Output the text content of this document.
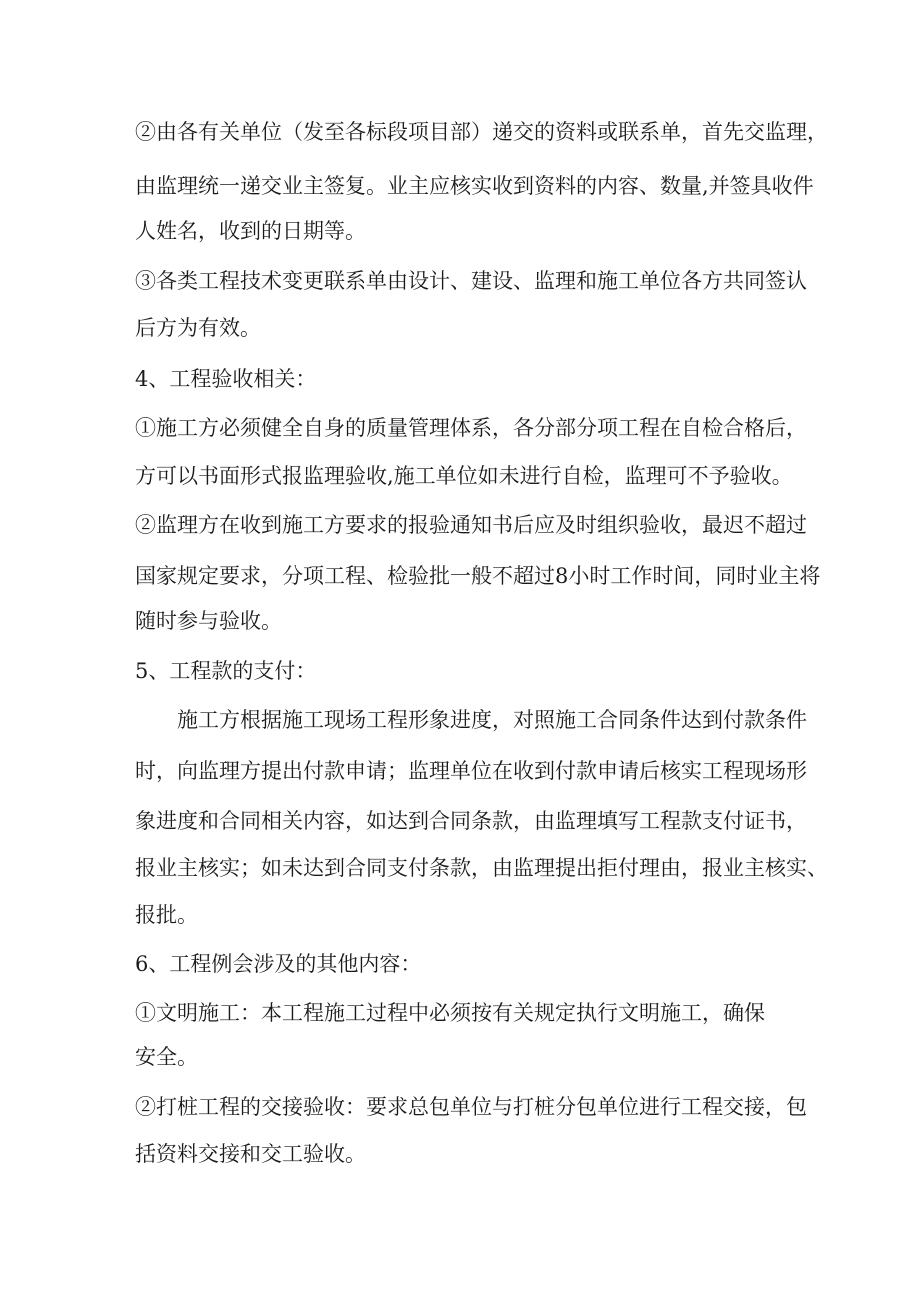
②由各有关单位（发至各标段项目部）递交的资料或联系单，首先交监理，

由监理统一递交业主签复。业主应核实收到资料的内容、数量,并签具收件

人姓名，收到的日期等。

③各类工程技术变更联系单由设计、建设、监理和施工单位各方共同签认

后方为有效。

4、工程验收相关：

①施工方必须健全自身的质量管理体系，各分部分项工程在自检合格后，

方可以书面形式报监理验收,施工单位如未进行自检，监理可不予验收。

②监理方在收到施工方要求的报验通知书后应及时组织验收，最迟不超过

国家规定要求，分项工程、检验批一般不超过8小时工作时间，同时业主将

随时参与验收。

5、工程款的支付：

施工方根据施工现场工程形象进度，对照施工合同条件达到付款条件

时，向监理方提出付款申请；监理单位在收到付款申请后核实工程现场形

象进度和合同相关内容，如达到合同条款，由监理填写工程款支付证书，

报业主核实；如未达到合同支付条款，由监理提出拒付理由，报业主核实、

报批。

6、工程例会涉及的其他内容：

①文明施工：本工程施工过程中必须按有关规定执行文明施工，确保

安全。

②打桩工程的交接验收：要求总包单位与打桩分包单位进行工程交接，包

括资料交接和交工验收。
